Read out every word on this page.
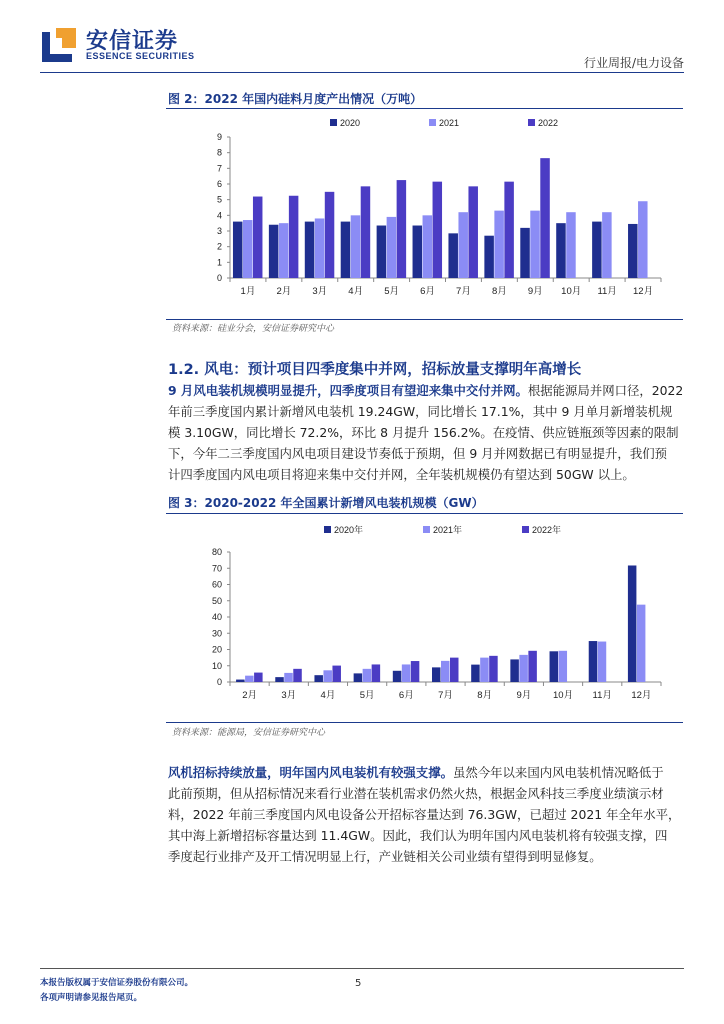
安信证券
ESSENCE SECURITIES	行业周报/电力设备
图 2：2022 年国内硅料月度产出情况（万吨）
2020	2021	2022
0
1
2
3
4
5
6
7
8
9
1月 2月 3月 4月 5月 6月 7月 8月 9月 10月 11月 12月
资料来源：硅业分会，安信证券研究中心
1.2. 风电：预计项目四季度集中并网，招标放量支撑明年高增长
9 月风电装机规模明显提升，四季度项目有望迎来集中交付并网。根据能源局并网口径，2022
年前三季度国内累计新增风电装机 19.24GW，同比增长 17.1%，其中 9 月单月新增装机规
模 3.10GW，同比增长 72.2%，环比 8 月提升 156.2%。在疫情、供应链瓶颈等因素的限制
下，今年二三季度国内风电项目建设节奏低于预期，但 9 月并网数据已有明显提升，我们预
计四季度国内风电项目将迎来集中交付并网，全年装机规模仍有望达到 50GW 以上。
图 3：2020-2022 年全国累计新增风电装机规模（GW）
2020年	2021年	2022年
0
10
20
30
40
50
60
70
80
2月	3月	4月	5月	6月	7月	8月	9月 10月 11月 12月
资料来源：能源局，安信证券研究中心
风机招标持续放量，明年国内风电装机有较强支撑。虽然今年以来国内风电装机情况略低于
此前预期，但从招标情况来看行业潜在装机需求仍然火热，根据金风科技三季度业绩演示材
料，2022 年前三季度国内风电设备公开招标容量达到 76.3GW，已超过 2021 年全年水平，
其中海上新增招标容量达到 11.4GW。因此，我们认为明年国内风电装机将有较强支撑，四
季度起行业排产及开工情况明显上行，产业链相关公司业绩有望得到明显修复。
本报告版权属于安信证券股份有限公司。
各项声明请参见报告尾页。
5
